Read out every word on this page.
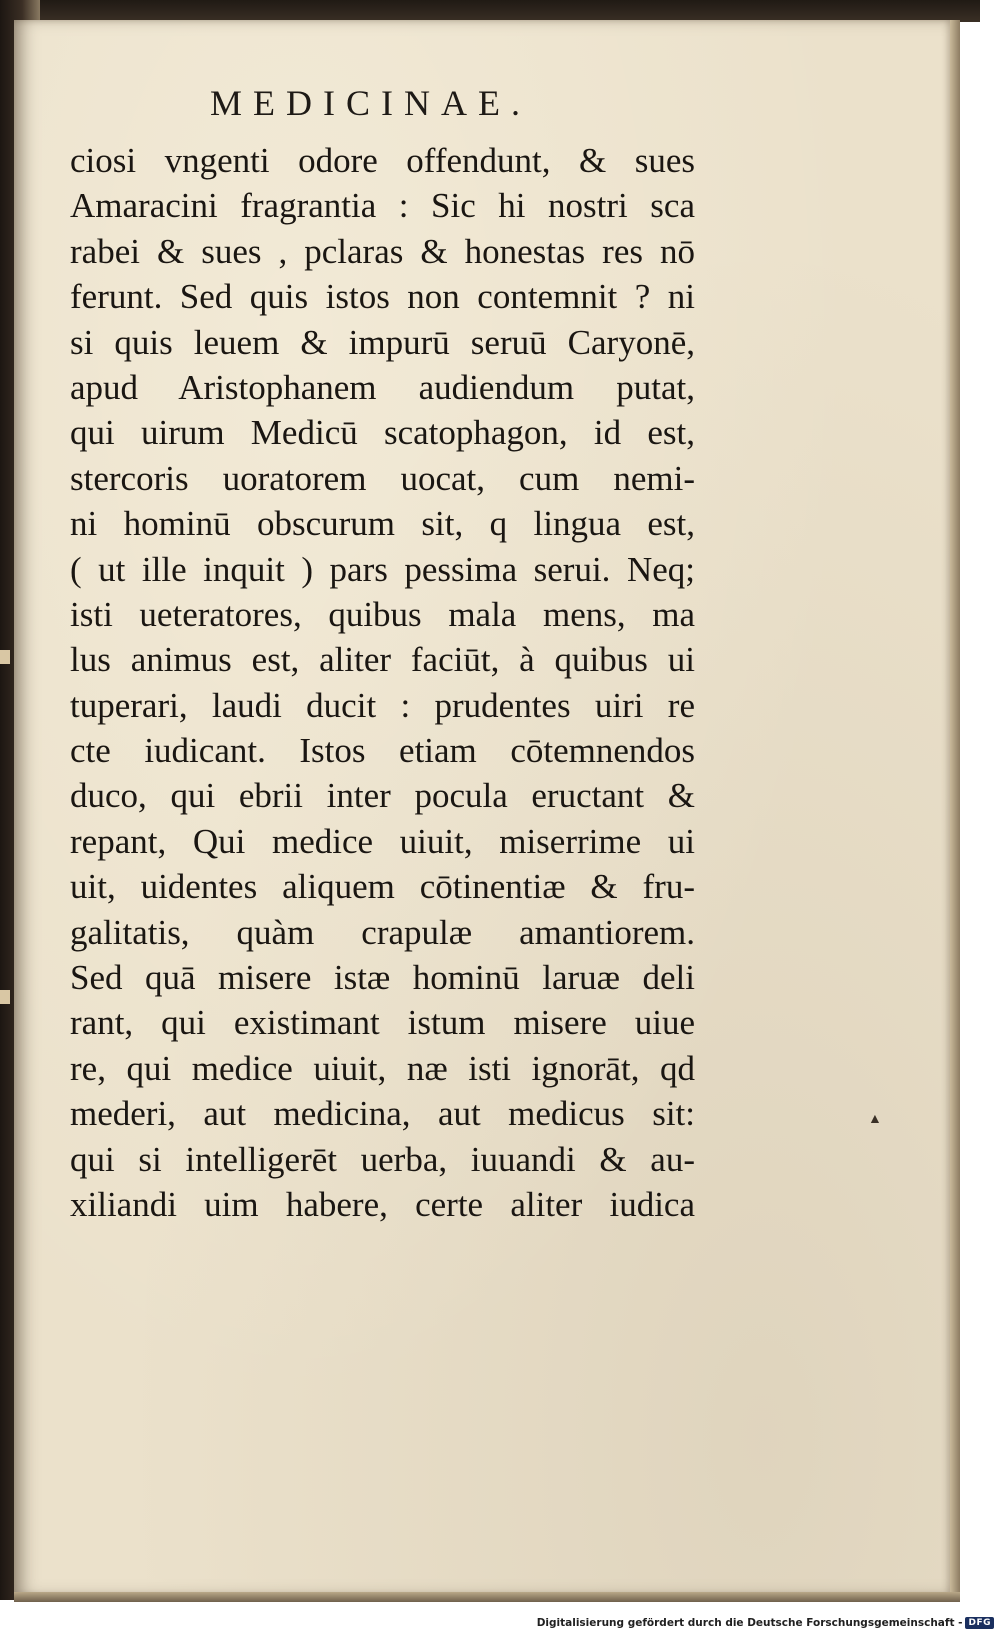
MEDICINAE.
ciosi vngenti odore offendunt, & sues
Amaracini fragrantia : Sic hi nostri sca
rabei & sues , pclaras & honestas res nō
ferunt. Sed quis istos non contemnit ? ni
si quis leuem & impurū seruū Caryonē,
apud Aristophanem audiendum putat,
qui uirum Medicū scatophagon, id est,
stercoris uoratorem uocat, cum nemi-
ni hominū obscurum sit, q lingua est,
( ut ille inquit ) pars pessima serui. Neq;
isti ueteratores, quibus mala mens, ma
lus animus est, aliter faciūt, à quibus ui
tuperari, laudi ducit : prudentes uiri re
cte iudicant. Istos etiam cōtemnendos
duco, qui ebrii inter pocula eructant &
repant, Qui medice uiuit, miserrime ui
uit, uidentes aliquem cōtinentiæ & fru-
galitatis, quàm crapulæ amantiorem.
Sed quā misere istæ hominū laruæ deli
rant, qui existimant istum misere uiue
re, qui medice uiuit, næ isti ignorāt, qd
mederi, aut medicina, aut medicus sit:
qui si intelligerēt uerba, iuuandi & au-
xiliandi uim habere, certe aliter iudica
▲
Digitalisierung gefördert durch die Deutsche Forschungsgemeinschaft - DFG
